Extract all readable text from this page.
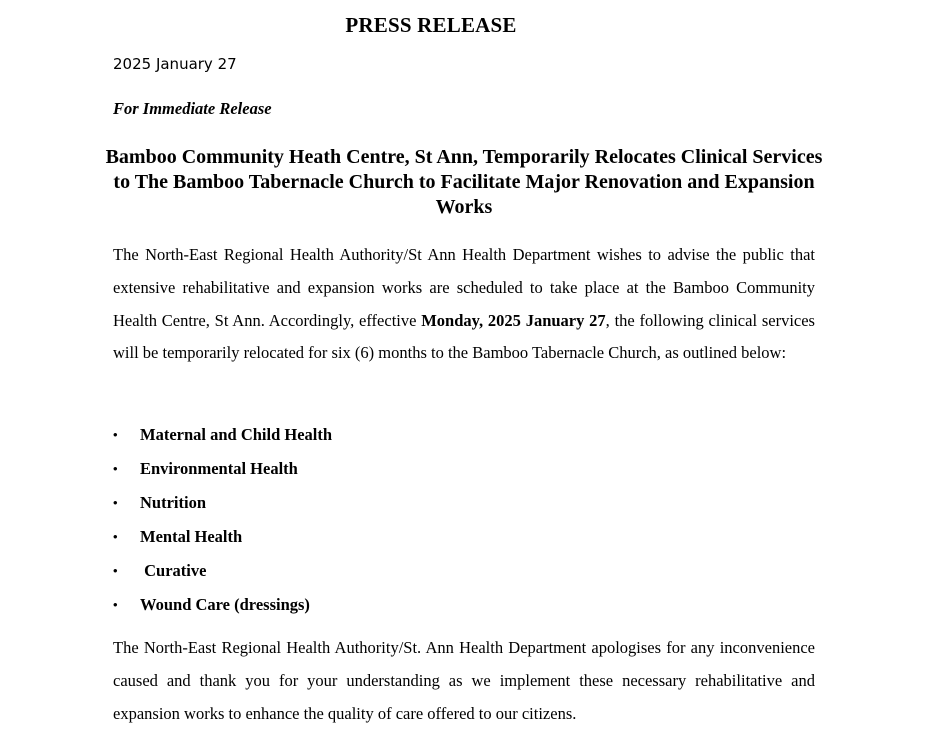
PRESS RELEASE
2025 January 27
For Immediate Release
Bamboo Community Heath Centre, St Ann, Temporarily Relocates Clinical Services to The Bamboo Tabernacle Church to Facilitate Major Renovation and Expansion Works
The North-East Regional Health Authority/St Ann Health Department wishes to advise the public that extensive rehabilitative and expansion works are scheduled to take place at the Bamboo Community Health Centre, St Ann. Accordingly, effective Monday, 2025 January 27, the following clinical services will be temporarily relocated for six (6) months to the Bamboo Tabernacle Church, as outlined below:
•	Maternal and Child Health
•	Environmental Health
•	Nutrition
•	Mental Health
•	Curative
•	Wound Care (dressings)
The North-East Regional Health Authority/St. Ann Health Department apologises for any inconvenience caused and thank you for your understanding as we implement these necessary rehabilitative and expansion works to enhance the quality of care offered to our citizens.
